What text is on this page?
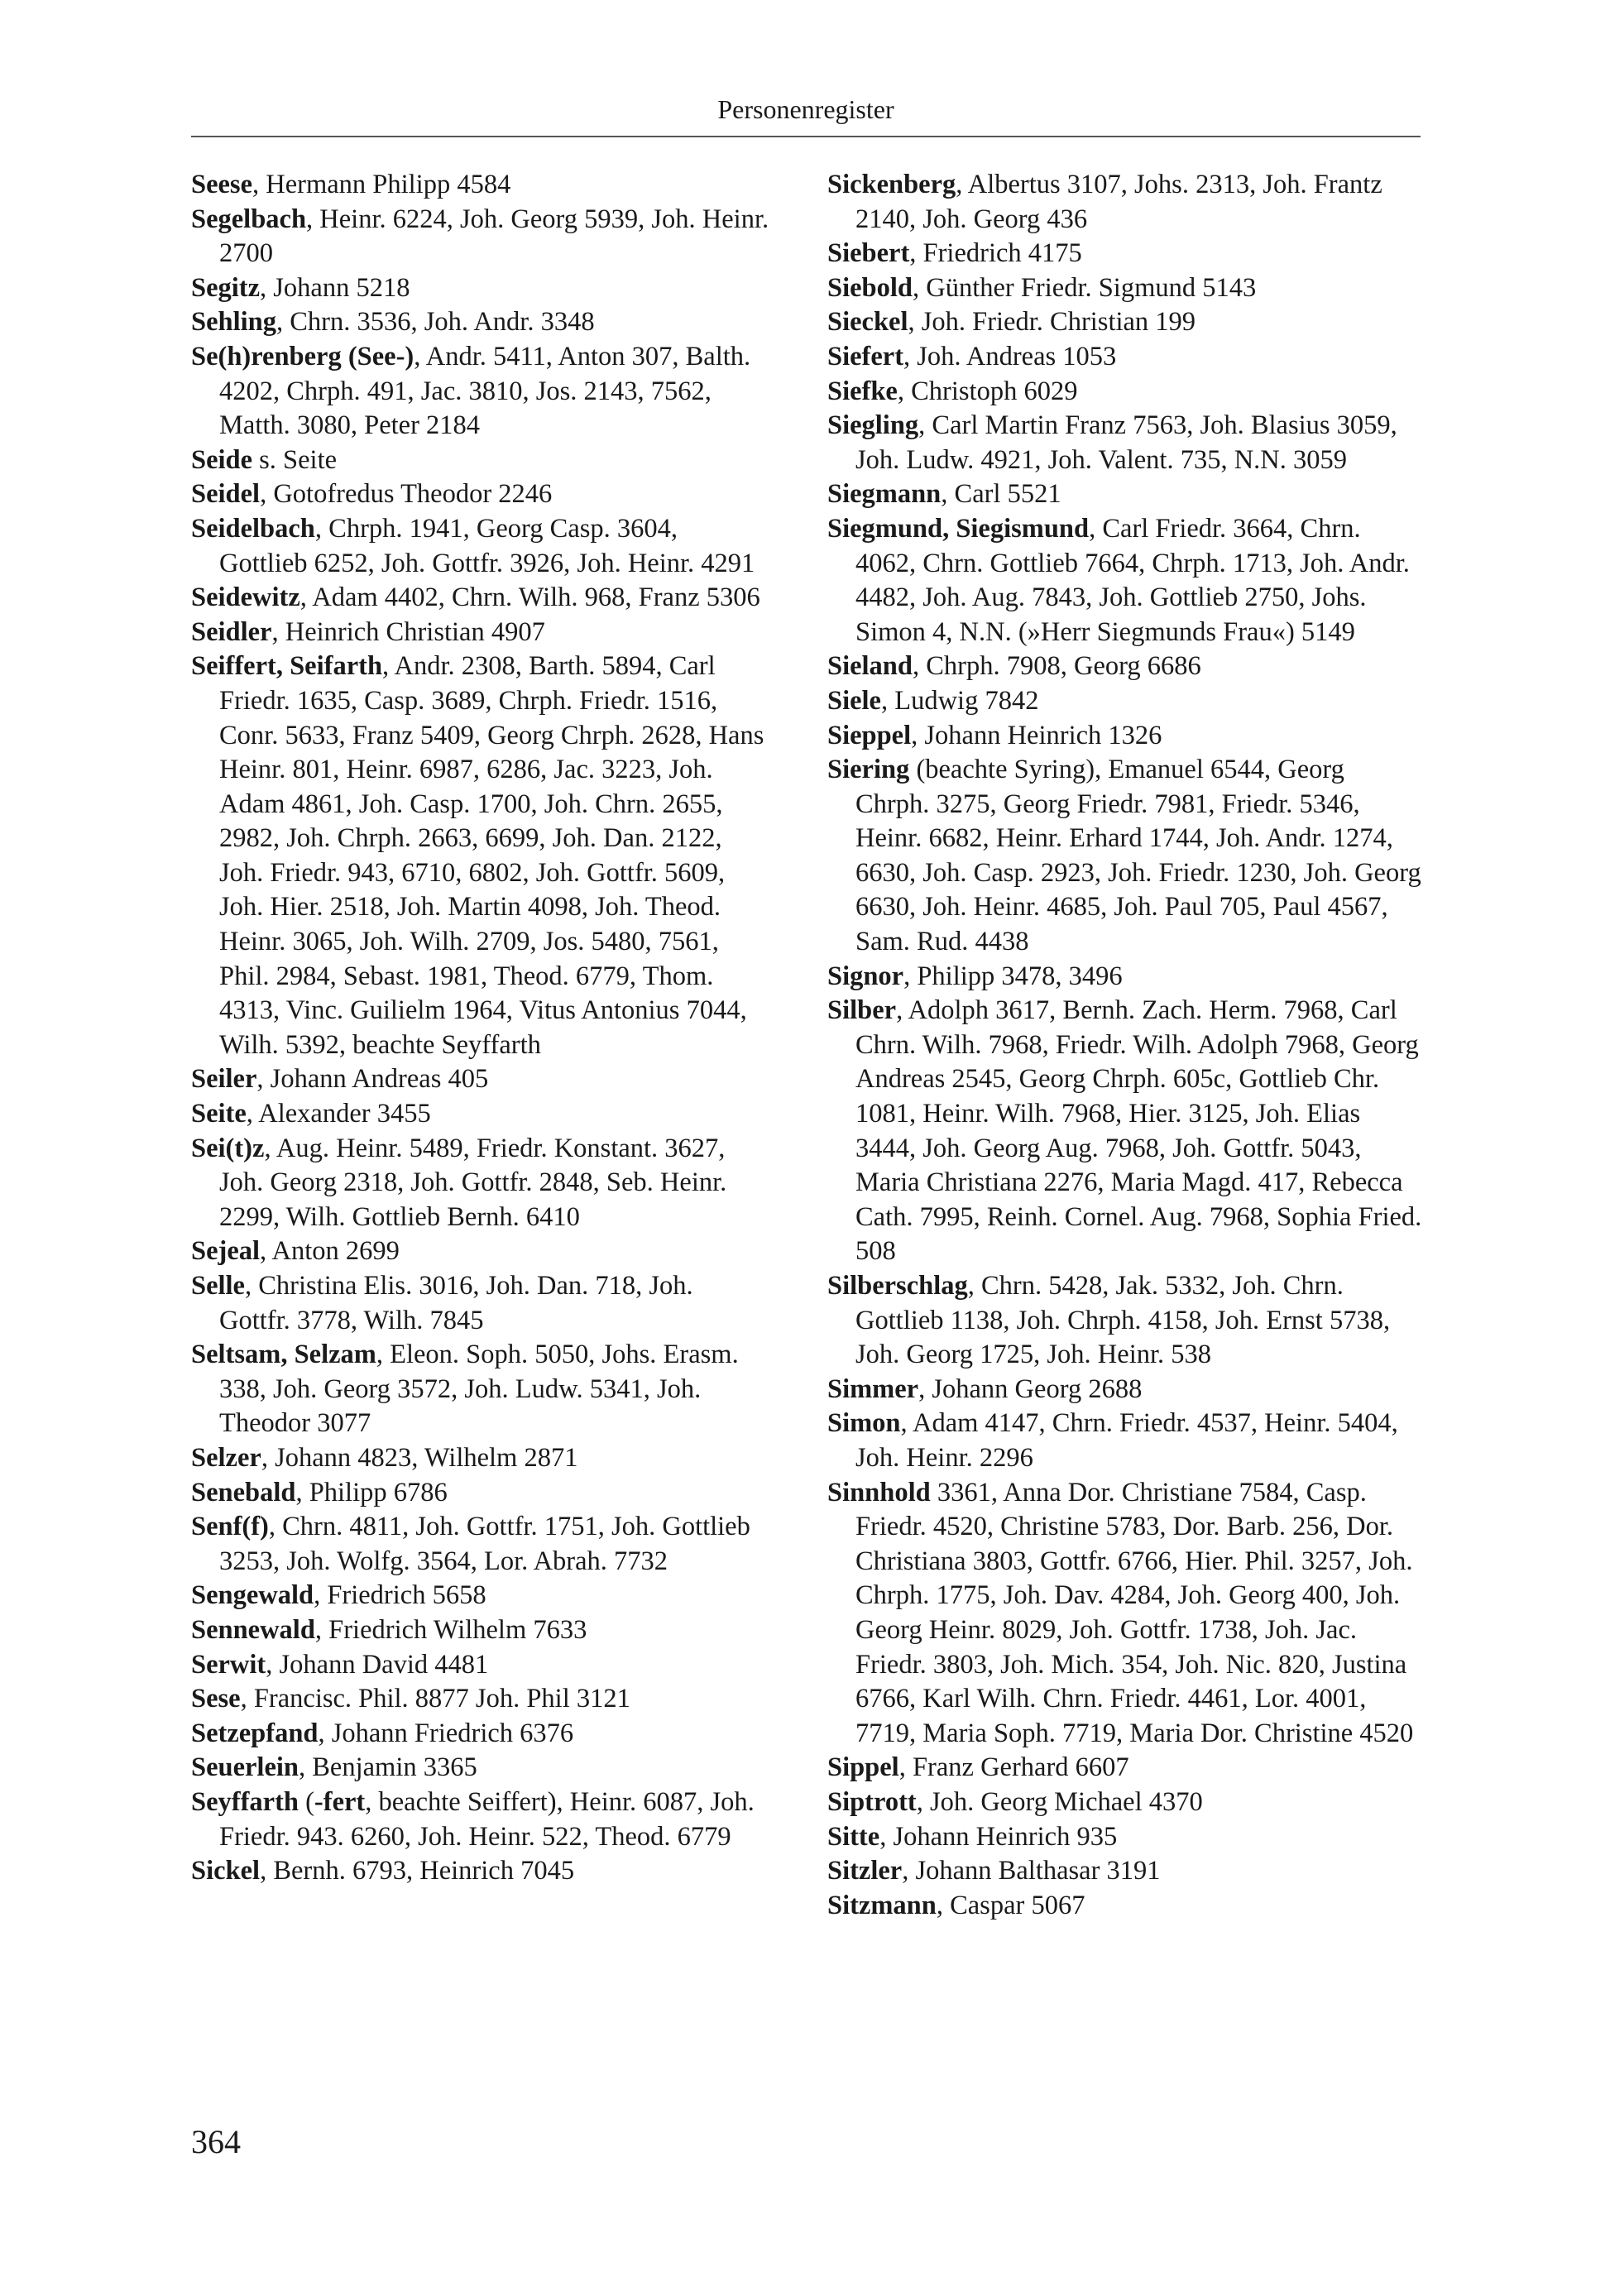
Personenregister

Seese, Hermann Philipp 4584

Segelbach, Heinr. 6224, Joh. Georg 5939, Joh. Heinr. 2700

Segitz, Johann 5218

Sehling, Chrn. 3536, Joh. Andr. 3348

Se(h)renberg (See-), Andr. 5411, Anton 307, Balth. 4202, Chrph. 491, Jac. 3810, Jos. 2143, 7562, Matth. 3080, Peter 2184

Seide s. Seite

Seidel, Gotofredus Theodor 2246

Seidelbach, Chrph. 1941, Georg Casp. 3604, Gottlieb 6252, Joh. Gottfr. 3926, Joh. Heinr. 4291

Seidewitz, Adam 4402, Chrn. Wilh. 968, Franz 5306

Seidler, Heinrich Christian 4907

Seiffert, Seifarth, Andr. 2308, Barth. 5894, Carl Friedr. 1635, Casp. 3689, Chrph. Friedr. 1516, Conr. 5633, Franz 5409, Georg Chrph. 2628, Hans Heinr. 801, Heinr. 6987, 6286, Jac. 3223, Joh. Adam 4861, Joh. Casp. 1700, Joh. Chrn. 2655, 2982, Joh. Chrph. 2663, 6699, Joh. Dan. 2122, Joh. Friedr. 943, 6710, 6802, Joh. Gottfr. 5609, Joh. Hier. 2518, Joh. Martin 4098, Joh. Theod. Heinr. 3065, Joh. Wilh. 2709, Jos. 5480, 7561, Phil. 2984, Sebast. 1981, Theod. 6779, Thom. 4313, Vinc. Guilielm 1964, Vitus Antonius 7044, Wilh. 5392, beachte Seyffarth

Seiler, Johann Andreas 405

Seite, Alexander 3455

Sei(t)z, Aug. Heinr. 5489, Friedr. Konstant. 3627, Joh. Georg 2318, Joh. Gottfr. 2848, Seb. Heinr. 2299, Wilh. Gottlieb Bernh. 6410

Sejeal, Anton 2699

Selle, Christina Elis. 3016, Joh. Dan. 718, Joh. Gottfr. 3778, Wilh. 7845

Seltsam, Selzam, Eleon. Soph. 5050, Johs. Erasm. 338, Joh. Georg 3572, Joh. Ludw. 5341, Joh. Theodor 3077

Selzer, Johann 4823, Wilhelm 2871

Senebald, Philipp 6786

Senf(f), Chrn. 4811, Joh. Gottfr. 1751, Joh. Gottlieb 3253, Joh. Wolfg. 3564, Lor. Abrah. 7732

Sengewald, Friedrich 5658

Sennewald, Friedrich Wilhelm 7633

Serwit, Johann David 4481

Sese, Francisc. Phil. 8877 Joh. Phil 3121

Setzepfand, Johann Friedrich 6376

Seuerlein, Benjamin 3365

Seyffarth (-fert, beachte Seiffert), Heinr. 6087, Joh. Friedr. 943. 6260, Joh. Heinr. 522, Theod. 6779

Sickel, Bernh. 6793, Heinrich 7045

Sickenberg, Albertus 3107, Johs. 2313, Joh. Frantz 2140, Joh. Georg 436

Siebert, Friedrich 4175

Siebold, Günther Friedr. Sigmund 5143

Sieckel, Joh. Friedr. Christian 199

Siefert, Joh. Andreas 1053

Siefke, Christoph 6029

Siegling, Carl Martin Franz 7563, Joh. Blasius 3059, Joh. Ludw. 4921, Joh. Valent. 735, N.N. 3059

Siegmann, Carl 5521

Siegmund, Siegismund, Carl Friedr. 3664, Chrn. 4062, Chrn. Gottlieb 7664, Chrph. 1713, Joh. Andr. 4482, Joh. Aug. 7843, Joh. Gottlieb 2750, Johs. Simon 4, N.N. (»Herr Siegmunds Frau«) 5149

Sieland, Chrph. 7908, Georg 6686

Siele, Ludwig 7842

Sieppel, Johann Heinrich 1326

Siering (beachte Syring), Emanuel 6544, Georg Chrph. 3275, Georg Friedr. 7981, Friedr. 5346, Heinr. 6682, Heinr. Erhard 1744, Joh. Andr. 1274, 6630, Joh. Casp. 2923, Joh. Friedr. 1230, Joh. Georg 6630, Joh. Heinr. 4685, Joh. Paul 705, Paul 4567, Sam. Rud. 4438

Signor, Philipp 3478, 3496

Silber, Adolph 3617, Bernh. Zach. Herm. 7968, Carl Chrn. Wilh. 7968, Friedr. Wilh. Adolph 7968, Georg Andreas 2545, Georg Chrph. 605c, Gottlieb Chr. 1081, Heinr. Wilh. 7968, Hier. 3125, Joh. Elias 3444, Joh. Georg Aug. 7968, Joh. Gottfr. 5043, Maria Christiana 2276, Maria Magd. 417, Rebecca Cath. 7995, Reinh. Cornel. Aug. 7968, Sophia Fried. 508

Silberschlag, Chrn. 5428, Jak. 5332, Joh. Chrn. Gottlieb 1138, Joh. Chrph. 4158, Joh. Ernst 5738, Joh. Georg 1725, Joh. Heinr. 538

Simmer, Johann Georg 2688

Simon, Adam 4147, Chrn. Friedr. 4537, Heinr. 5404, Joh. Heinr. 2296

Sinnhold 3361, Anna Dor. Christiane 7584, Casp. Friedr. 4520, Christine 5783, Dor. Barb. 256, Dor. Christiana 3803, Gottfr. 6766, Hier. Phil. 3257, Joh. Chrph. 1775, Joh. Dav. 4284, Joh. Georg 400, Joh. Georg Heinr. 8029, Joh. Gottfr. 1738, Joh. Jac. Friedr. 3803, Joh. Mich. 354, Joh. Nic. 820, Justina 6766, Karl Wilh. Chrn. Friedr. 4461, Lor. 4001, 7719, Maria Soph. 7719, Maria Dor. Christine 4520

Sippel, Franz Gerhard 6607

Siptrott, Joh. Georg Michael 4370

Sitte, Johann Heinrich 935

Sitzler, Johann Balthasar 3191

Sitzmann, Caspar 5067

364
